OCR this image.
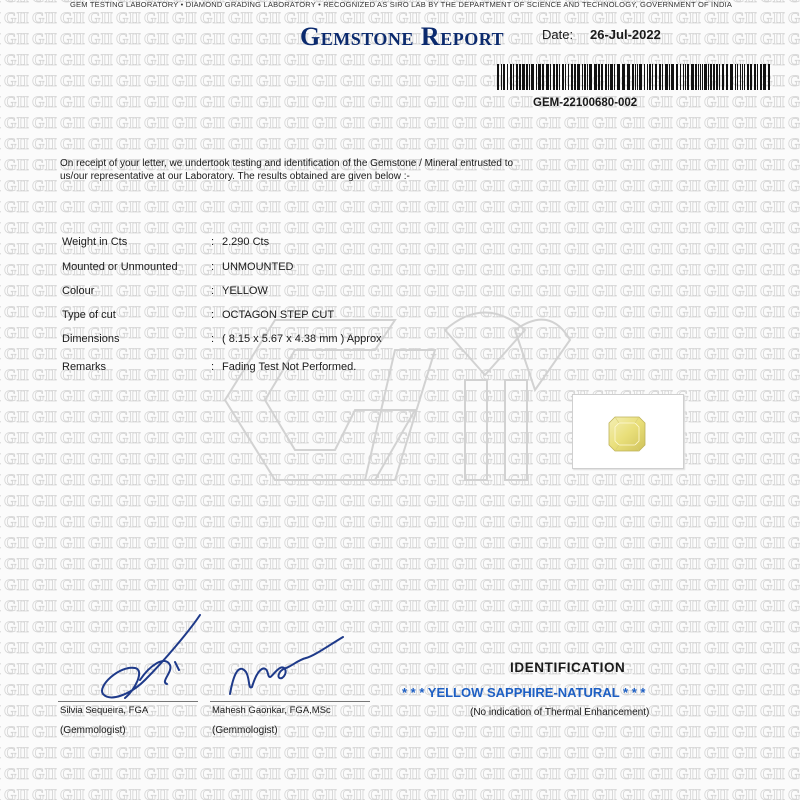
GEM TESTING LABORATORY • DIAMOND GRADING LABORATORY • RECOGNIZED AS SIRO LAB BY THE DEPARTMENT OF SCIENCE AND TECHNOLOGY, GOVERNMENT OF INDIA
Gemstone Report	Date: 26-Jul-2022
GEM-22100680-002
On receipt of your letter, we undertook testing and identification of the Gemstone / Mineral entrusted to us/our representative at our Laboratory. The results obtained are given below :-
Weight in Cts	: 2.290 Cts
Mounted or Unmounted	: UNMOUNTED
Colour	: YELLOW
Type of cut	: OCTAGON STEP CUT
Dimensions	: ( 8.15 x 5.67 x 4.38 mm ) Approx
Remarks	: Fading Test Not Performed.
Silvia Sequeira, FGA
(Gemmologist)
Mahesh Gaonkar, FGA,MSc
(Gemmologist)
IDENTIFICATION
* * * YELLOW SAPPHIRE-NATURAL * * *
(No indication of Thermal Enhancement)
